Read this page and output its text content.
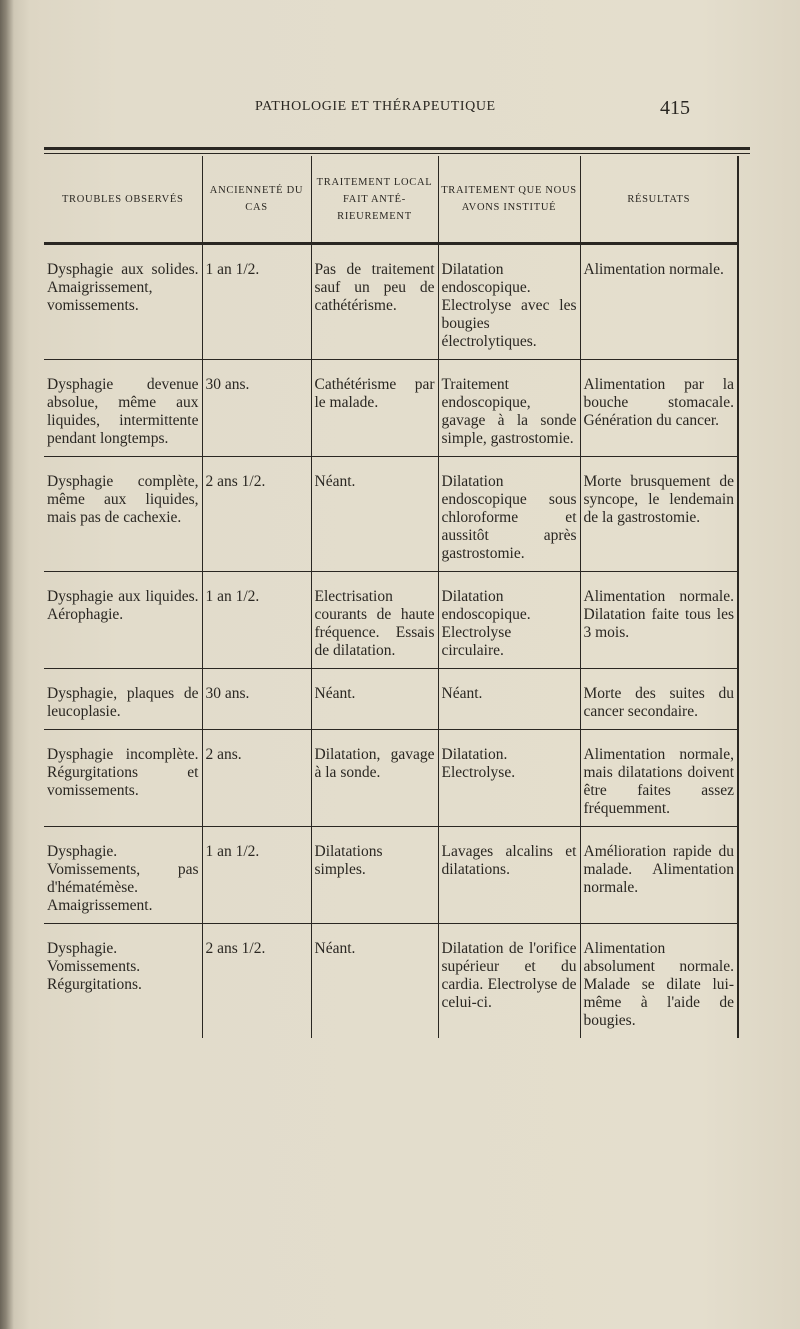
PATHOLOGIE ET THÉRAPEUTIQUE	415
TROUBLES OBSERVÉS	ANCIENNETÉ DU CAS	TRAITEMENT LOCAL FAIT ANTÉ- RIEUREMENT	TRAITEMENT QUE NOUS AVONS INSTITUÉ	RÉSULTATS
Dysphagie aux solides. Amaigrissement, vomissements.	1 an 1/2.	Pas de traitement sauf un peu de cathétérisme.	Dilatation endoscopique. Electrolyse avec les bougies électrolytiques.	Alimentation normale.
Dysphagie devenue absolue, même aux liquides, intermittente pendant longtemps.	30 ans.	Cathétérisme par le malade.	Traitement endoscopique, gavage à la sonde simple, gastrostomie.	Alimentation par la bouche stomacale. Génération du cancer.
Dysphagie complète, même aux liquides, mais pas de cachexie.	2 ans 1/2.	Néant.	Dilatation endoscopique sous chloroforme et aussitôt après gastrostomie.	Morte brusquement de syncope, le lendemain de la gastrostomie.
Dysphagie aux liquides. Aérophagie.	1 an 1/2.	Electrisation courants de haute fréquence. Essais de dilatation.	Dilatation endoscopique. Electrolyse circulaire.	Alimentation normale. Dilatation faite tous les 3 mois.
Dysphagie, plaques de leucoplasie.	30 ans.	Néant.	Néant.	Morte des suites du cancer secondaire.
Dysphagie incomplète. Régurgitations et vomissements.	2 ans.	Dilatation, gavage à la sonde.	Dilatation. Electrolyse.	Alimentation normale, mais dilatations doivent être faites assez fréquemment.
Dysphagie. Vomissements, pas d'hématémèse. Amaigrissement.	1 an 1/2.	Dilatations simples.	Lavages alcalins et dilatations.	Amélioration rapide du malade. Alimentation normale.
Dysphagie. Vomissements. Régurgitations.	2 ans 1/2.	Néant.	Dilatation de l'orifice supérieur et du cardia. Electrolyse de celui-ci.	Alimentation absolument normale. Malade se dilate lui-même à l'aide de bougies.
